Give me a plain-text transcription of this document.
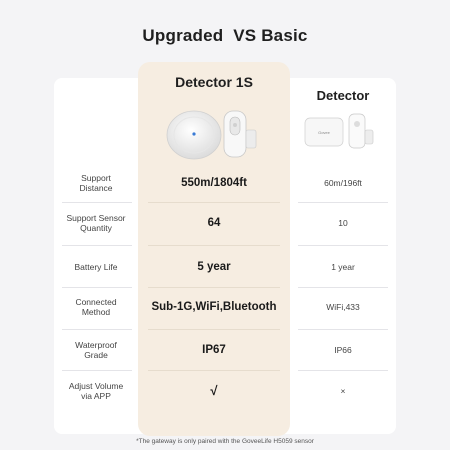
Upgraded  VS Basic
Detector 1S
Detector
Govee
Support Distance	550m/1804ft	60m/196ft
Support Sensor Quantity	64	10
Battery Life	5 year	1 year
Connected Method	Sub-1G,WiFi,Bluetooth	WiFi,433
Waterproof Grade	IP67	IP66
Adjust Volume via APP	√	×
*The gateway is only paired with the GoveeLife H5059 sensor
